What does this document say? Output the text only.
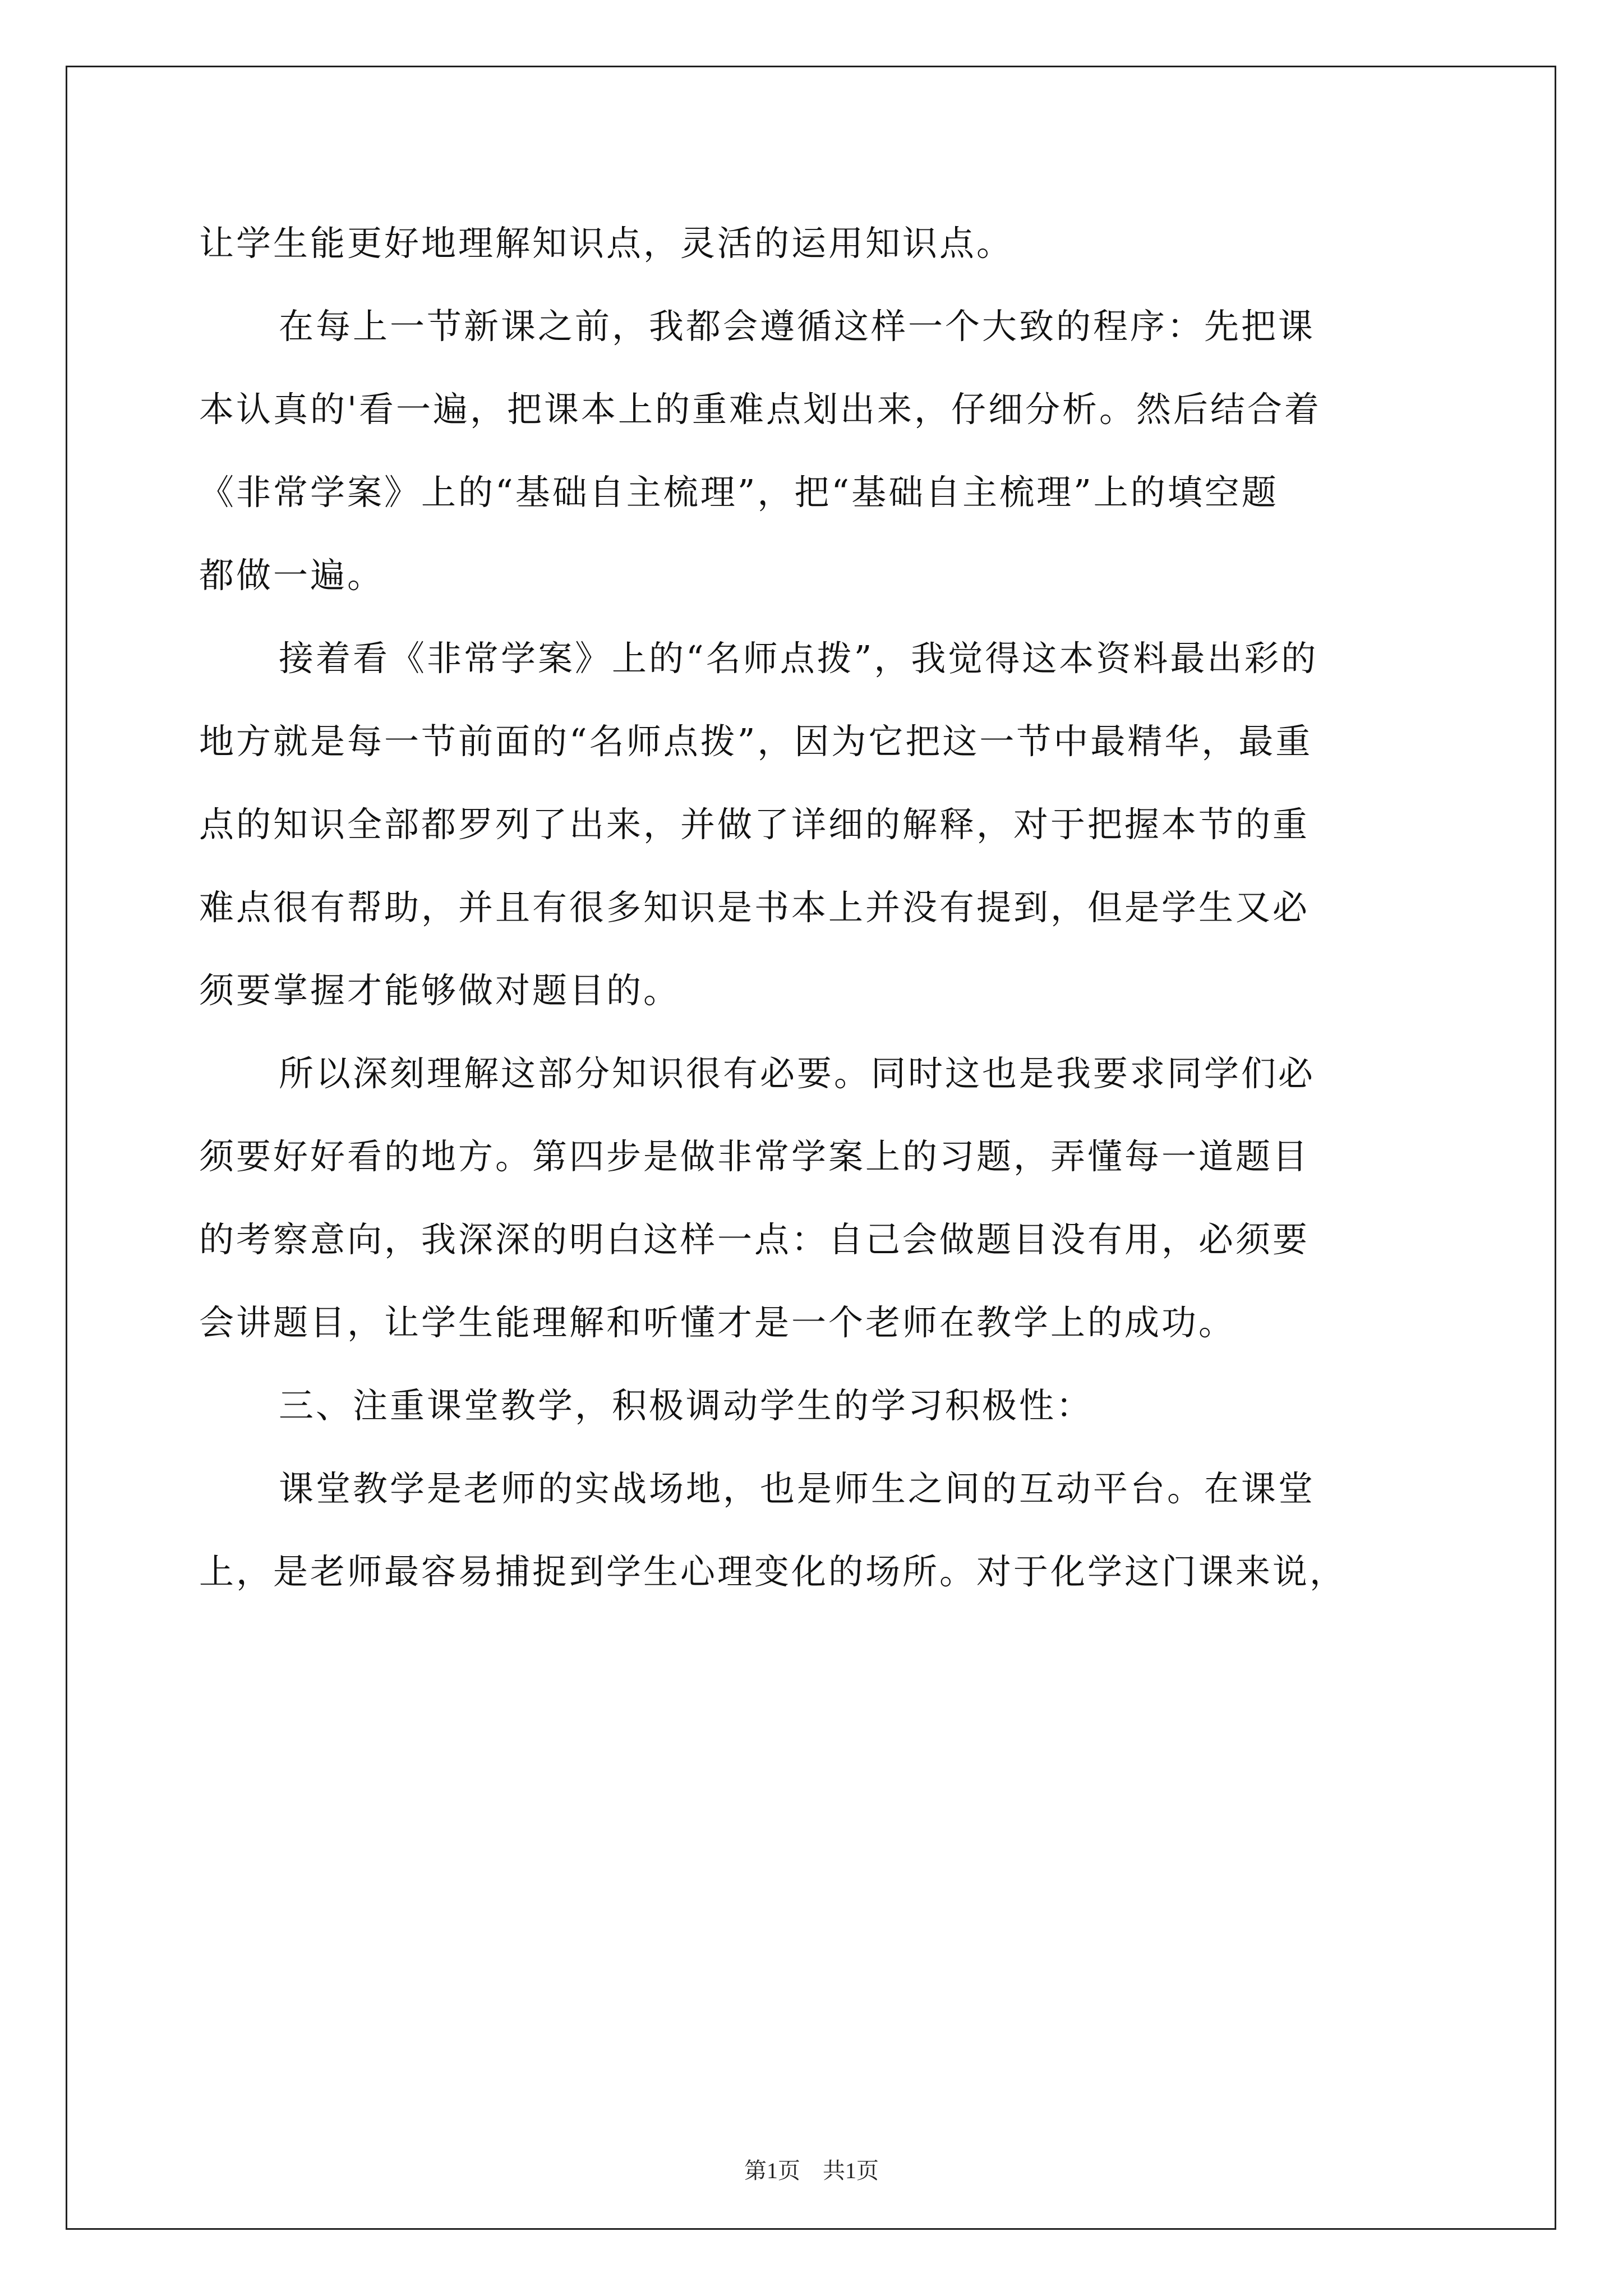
让学生能更好地理解知识点，灵活的运用知识点。
在每上一节新课之前，我都会遵循这样一个大致的程序：先把课
本认真的'看一遍，把课本上的重难点划出来，仔细分析。然后结合着
《非常学案》上的“基础自主梳理”，把“基础自主梳理”上的填空题
都做一遍。
接着看《非常学案》上的“名师点拨”，我觉得这本资料最出彩的
地方就是每一节前面的“名师点拨”，因为它把这一节中最精华，最重
点的知识全部都罗列了出来，并做了详细的解释，对于把握本节的重
难点很有帮助，并且有很多知识是书本上并没有提到，但是学生又必
须要掌握才能够做对题目的。
所以深刻理解这部分知识很有必要。同时这也是我要求同学们必
须要好好看的地方。第四步是做非常学案上的习题，弄懂每一道题目
的考察意向，我深深的明白这样一点：自己会做题目没有用，必须要
会讲题目，让学生能理解和听懂才是一个老师在教学上的成功。
三、注重课堂教学，积极调动学生的学习积极性：
课堂教学是老师的实战场地，也是师生之间的互动平台。在课堂
上，是老师最容易捕捉到学生心理变化的场所。对于化学这门课来说，
第1页　共1页
